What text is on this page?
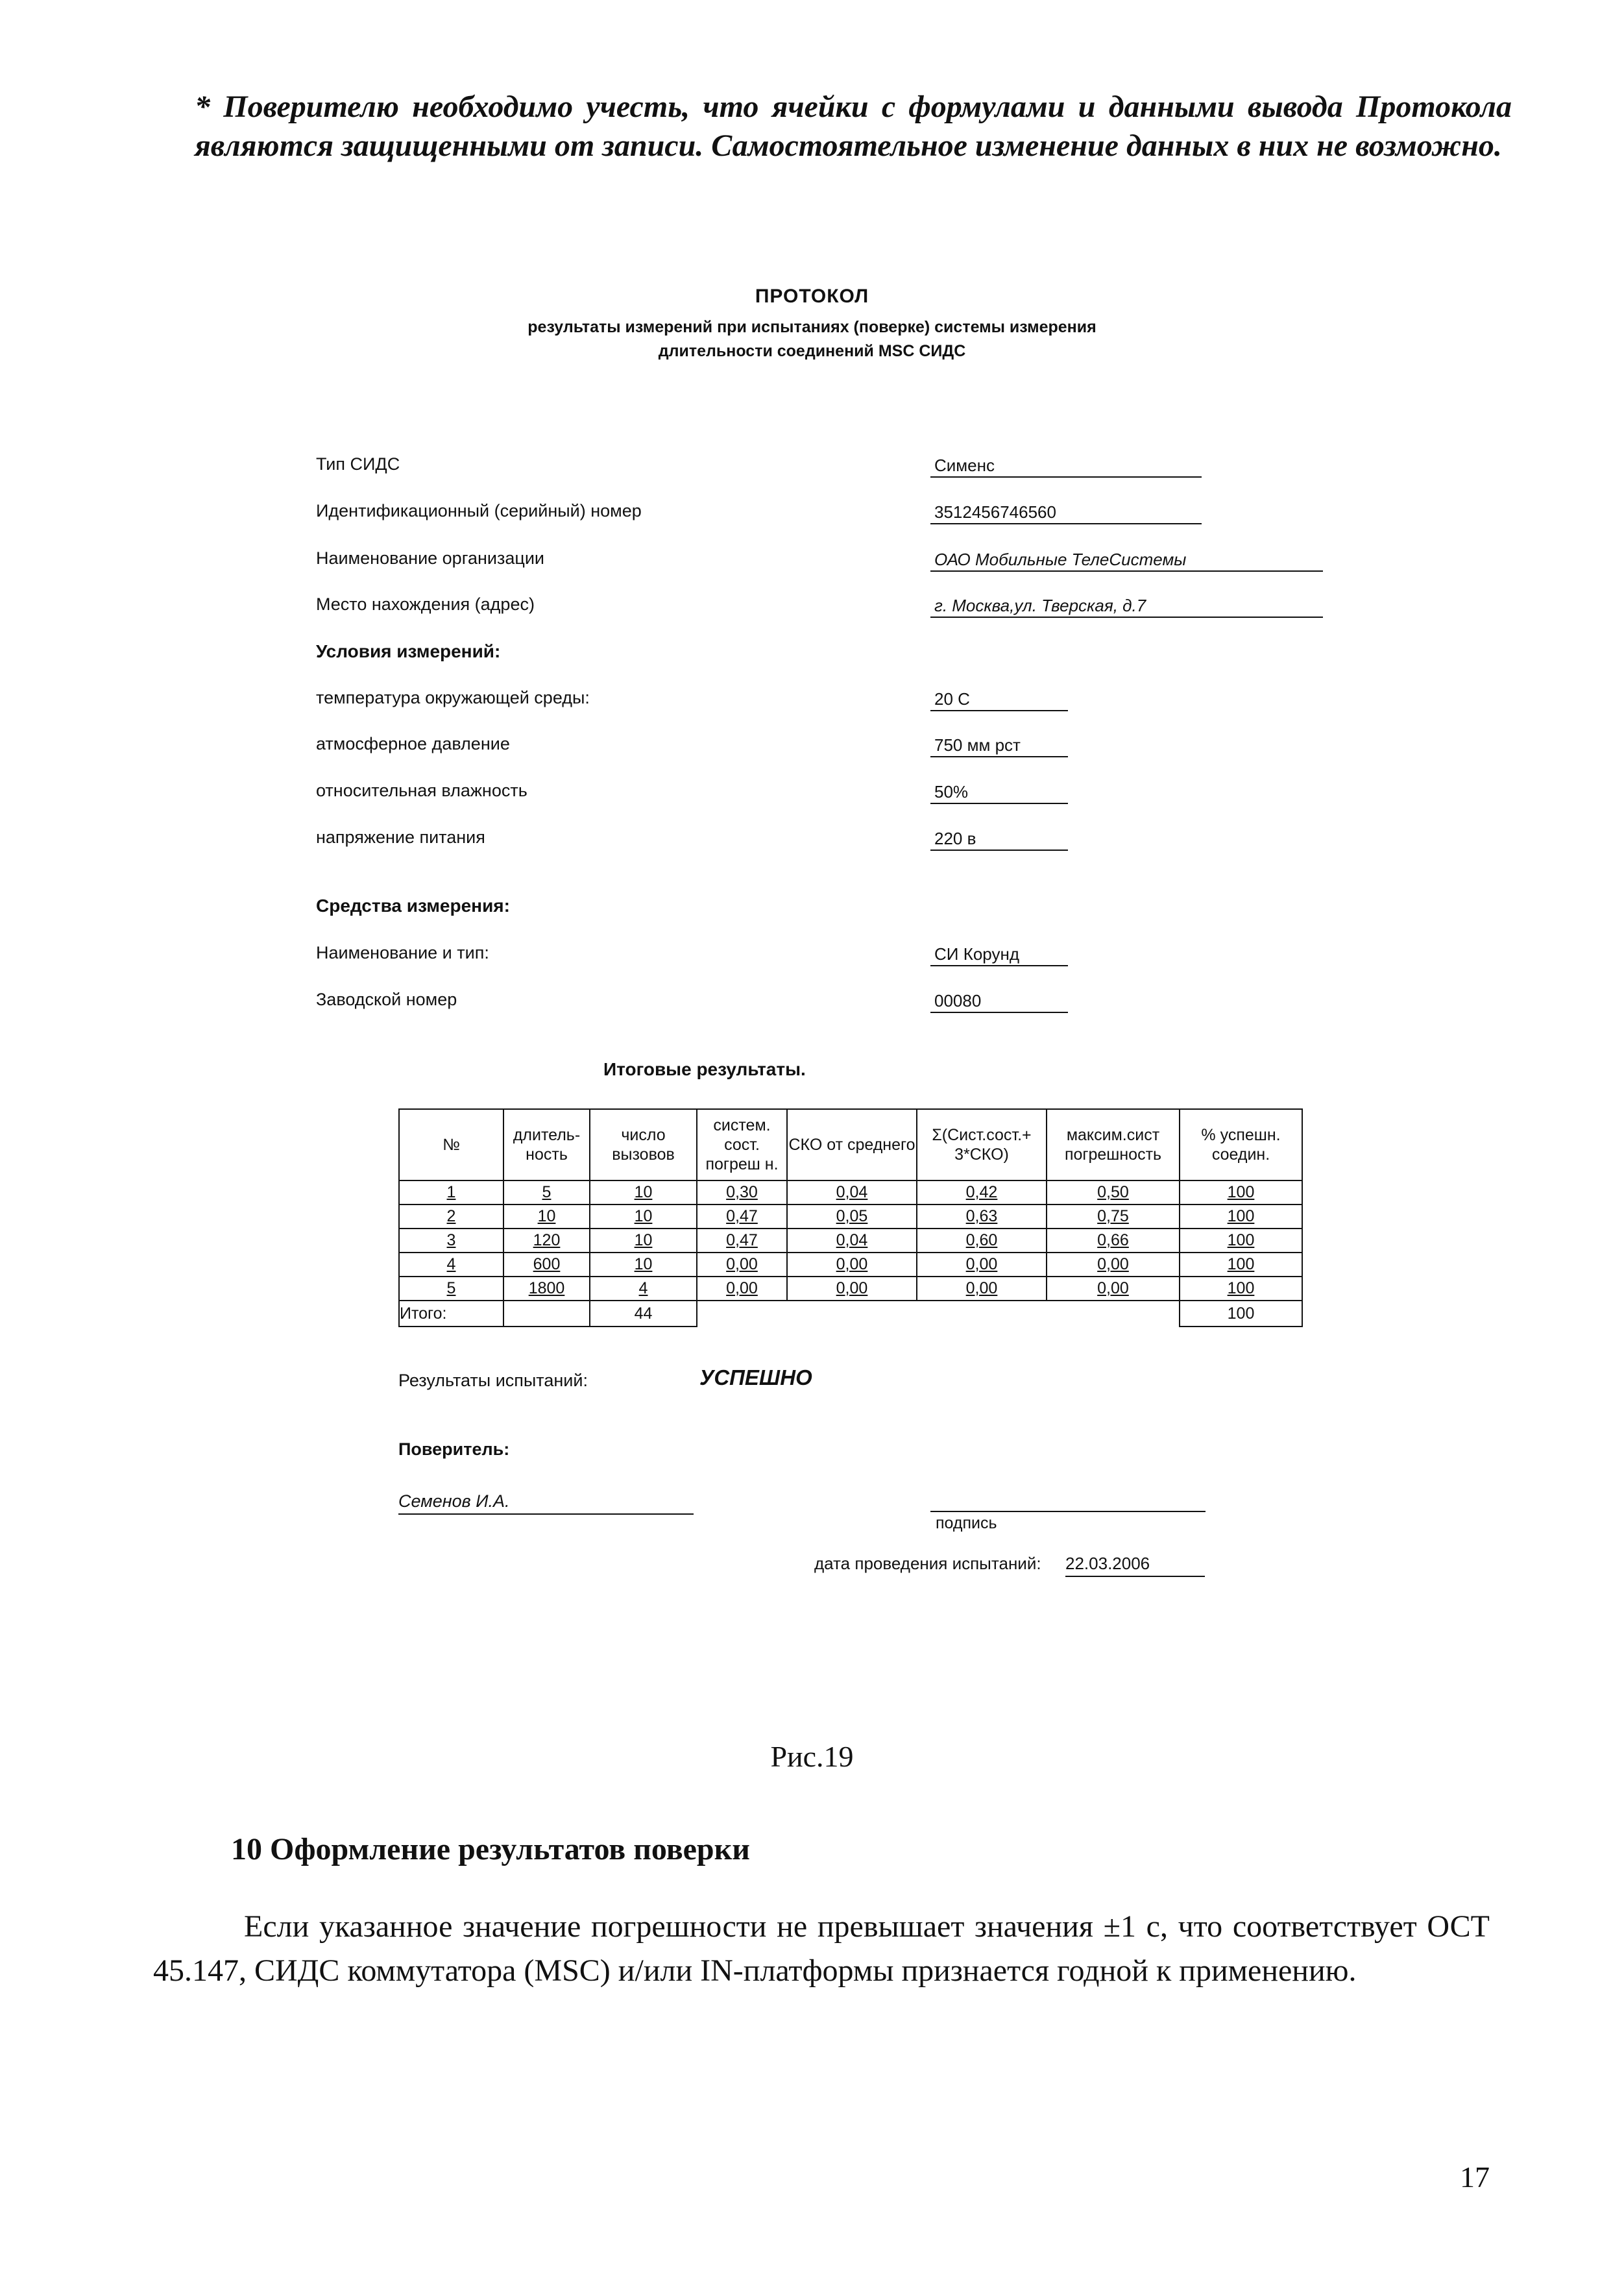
* Поверителю необходимо учесть, что ячейки с формулами и данными вывода Протокола являются защищенными от записи. Самостоятельное изменение данных в них не возможно.
ПРОТОКОЛ
результаты измерений при испытаниях (поверке) системы измерения
длительности соединений MSC СИДС
Тип СИДС	Сименс
Идентификационный (серийный) номер	3512456746560
Наименование организации	ОАО Мобильные ТелеСистемы
Место нахождения (адрес)	г. Москва,ул. Тверская, д.7
Условия измерений:
температура окружающей среды:	20 С
атмосферное давление	750 мм рст
относительная влажность	50%
напряжение питания	220 в
Средства измерения:
Наименование и тип:	СИ Корунд
Заводской номер	00080
Итоговые результаты.
№	длитель-ность	число вызовов	систем. сост. погреш н.	СКО от среднего	Σ(Сист.сост.+ 3*СКО)	максим.сист погрешность	% успешн. соедин.
1	5	10	0,30	0,04	0,42	0,50	100
2	10	10	0,47	0,05	0,63	0,75	100
3	120	10	0,47	0,04	0,60	0,66	100
4	600	10	0,00	0,00	0,00	0,00	100
5	1800	4	0,00	0,00	0,00	0,00	100
Итого:		44					100
Результаты испытаний:	УСПЕШНО
Поверитель:
Семенов И.А.
подпись
дата проведения испытаний: 22.03.2006
Рис.19
10 Оформление результатов поверки
Если указанное значение погрешности не превышает значения ±1 с, что соответствует ОСТ 45.147, СИДС коммутатора (MSC) и/или IN-платформы признается годной к применению.
17
